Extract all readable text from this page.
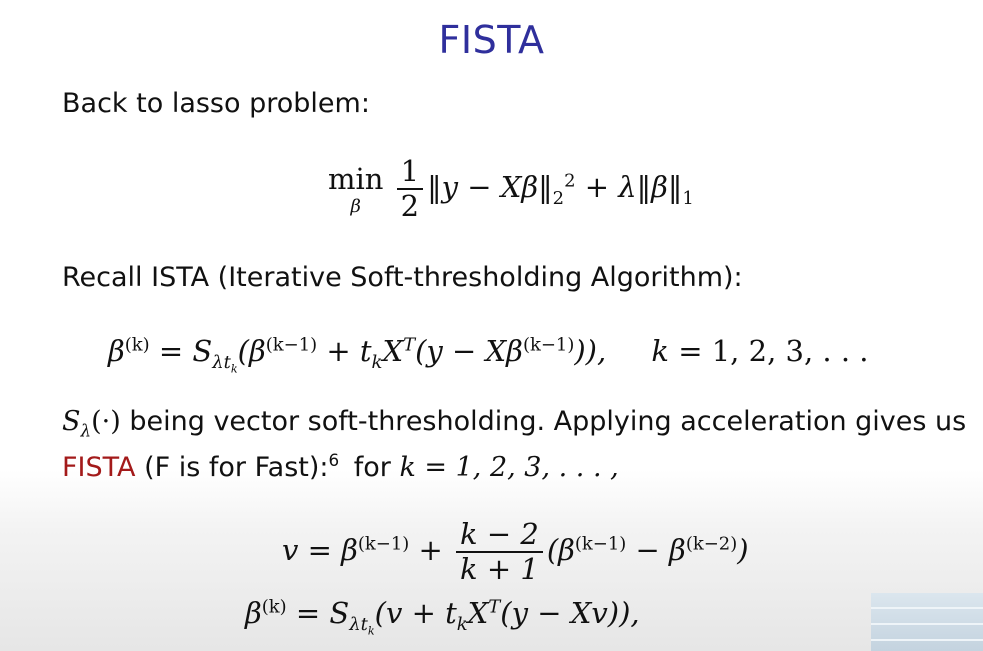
FISTA
Back to lasso problem:
min
β
	$\frac{1}{2}$ ‖y − $X\beta‖_2^2$ + $\lambda‖\beta‖_1$
Recall ISTA (Iterative Soft-thresholding Algorithm):
$\beta^{(k)} = S_{\lambda t_k}(\beta^{(k-1)} + t_kX^T(y - X\beta^{(k-1)}))$, k = 1, 2, 3, . . .
$S_\lambda(\cdot)$ being vector soft-thresholding. Applying acceleration gives us
FISTA (F is for Fast):$^6$ for k = 1, 2, 3, . . . ,
$v = \beta^{(k-1)} + \frac{k - 2}{k + 1} (\beta^{(k-1)} - \beta^{(k-2)})$
$\beta^{(k)} = S_{\lambda t_k}(v + t_kX^T(y - Xv))$,
